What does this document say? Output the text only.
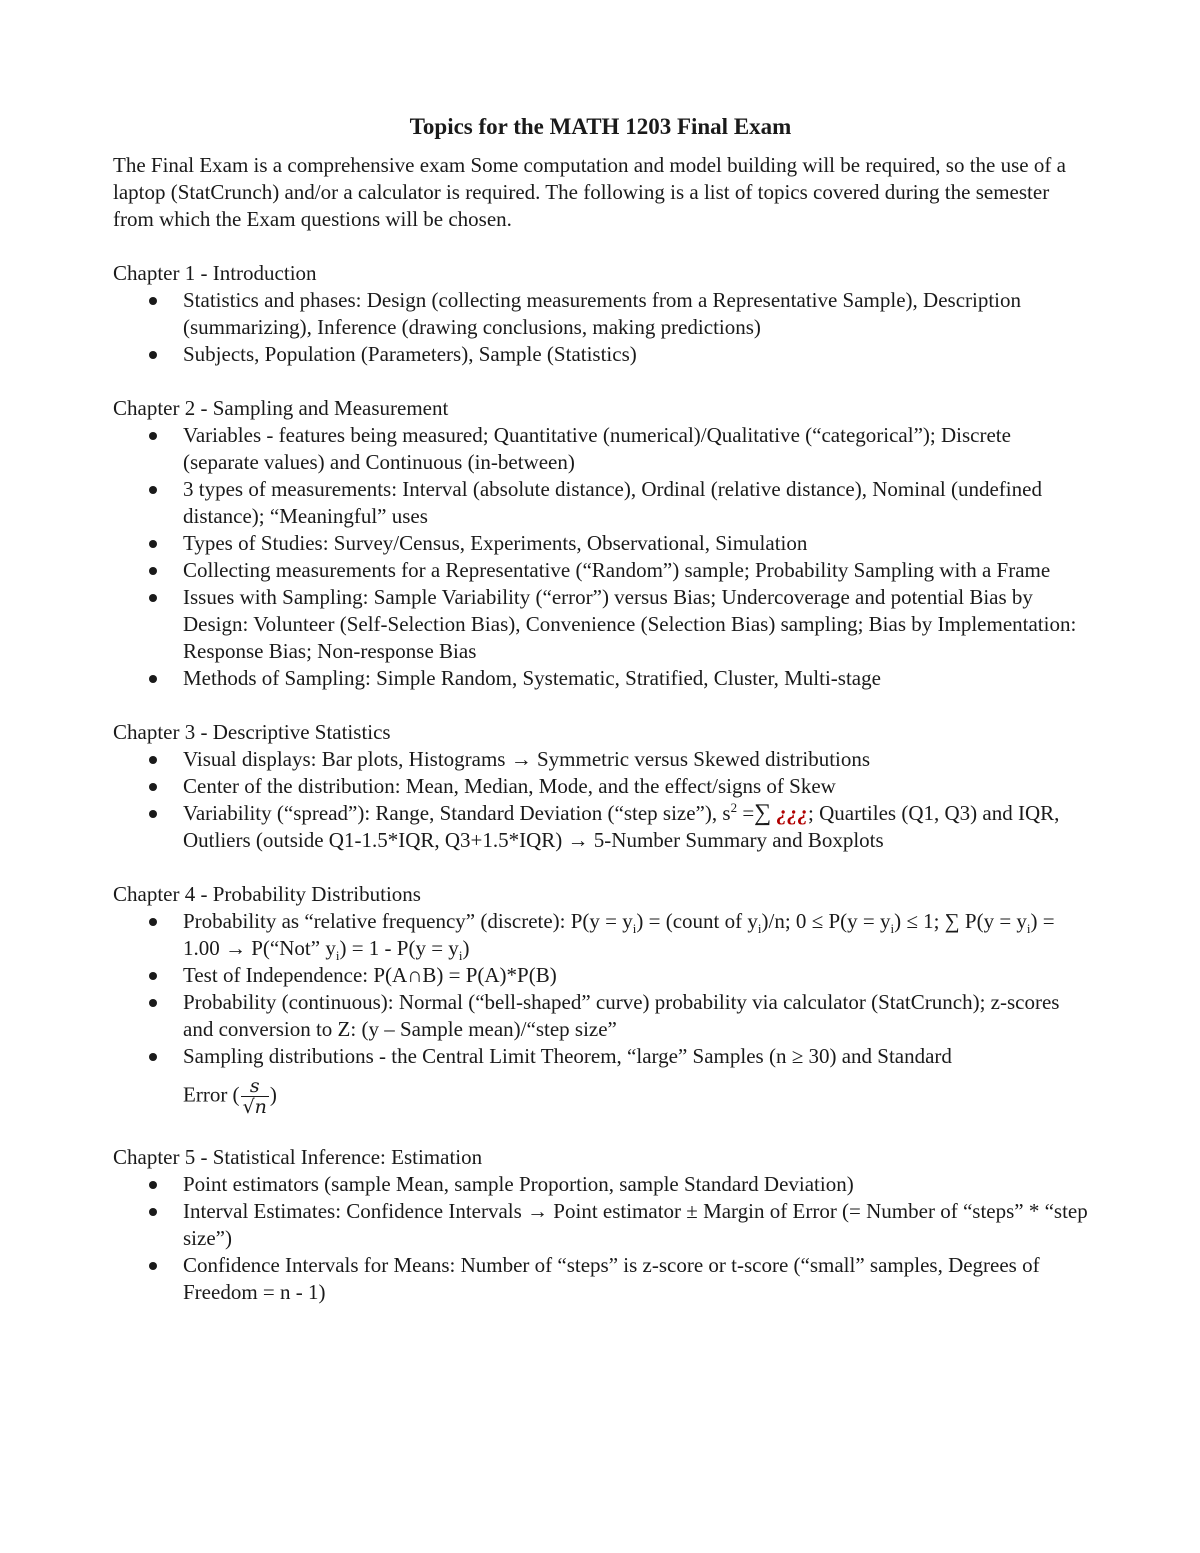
Topics for the MATH 1203 Final Exam

The Final Exam is a comprehensive exam Some computation and model building will be required, so the use of a laptop (StatCrunch) and/or a calculator is required. The following is a list of topics covered during the semester from which the Exam questions will be chosen.

Chapter 1 - Introduction

Statistics and phases: Design (collecting measurements from a Representative Sample), Description (summarizing), Inference (drawing conclusions, making predictions)
Subjects, Population (Parameters), Sample (Statistics)

Chapter 2 - Sampling and Measurement

Variables - features being measured; Quantitative (numerical)/Qualitative (“categorical”); Discrete (separate values) and Continuous (in-between)
3 types of measurements: Interval (absolute distance), Ordinal (relative distance), Nominal (undefined distance); “Meaningful” uses
Types of Studies: Survey/Census, Experiments, Observational, Simulation
Collecting measurements for a Representative (“Random”) sample; Probability Sampling with a Frame
Issues with Sampling: Sample Variability (“error”) versus Bias; Undercoverage and potential Bias by Design: Volunteer (Self-Selection Bias), Convenience (Selection Bias) sampling; Bias by Implementation: Response Bias; Non-response Bias
Methods of Sampling: Simple Random, Systematic, Stratified, Cluster, Multi-stage

Chapter 3 - Descriptive Statistics

Visual displays: Bar plots, Histograms → Symmetric versus Skewed distributions
Center of the distribution: Mean, Median, Mode, and the effect/signs of Skew
Variability (“spread”): Range, Standard Deviation (“step size”), $s^2$ =∑ ¿¿¿; Quartiles (Q1, Q3) and IQR, Outliers (outside Q1-1.5*IQR, Q3+1.5*IQR) → 5-Number Summary and Boxplots

Chapter 4 - Probability Distributions

Probability as “relative frequency” (discrete): $P(y = y_i)$ = (count of $y_i)/n$; $0 \le P(y = y_i) \le 1$; ∑ $P(y = y_i) = 1.00$ → P(“Not” $y_i) = 1 - P(y = y_i)$
Test of Independence: P(A∩B) = P(A)*P(B)
Probability (continuous): Normal (“bell-shaped” curve) probability via calculator (StatCrunch); z-scores and conversion to Z: (y – Sample mean)/“step size”
Sampling distributions - the Central Limit Theorem, “large” Samples (n ≥ 30) and Standard
Error ( $\frac{s}{√n}$ )

Chapter 5 - Statistical Inference: Estimation

Point estimators (sample Mean, sample Proportion, sample Standard Deviation)
Interval Estimates: Confidence Intervals → Point estimator ± Margin of Error (= Number of “steps” * “step size”)
Confidence Intervals for Means: Number of “steps” is z-score or t-score (“small” samples, Degrees of Freedom = n - 1)
